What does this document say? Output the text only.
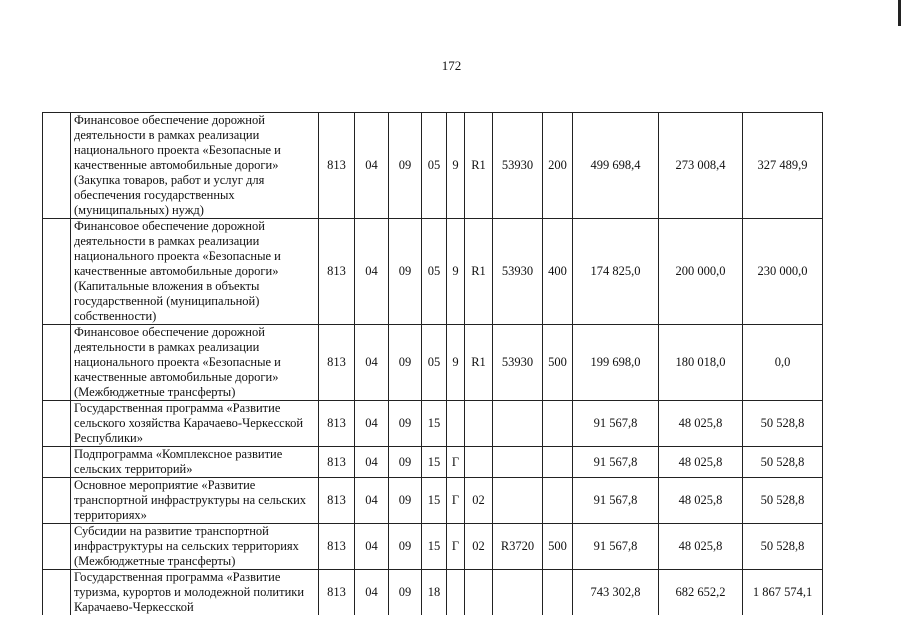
172
	Финансовое обеспечение дорожной деятельности в рамках реализации национального проекта «Безопасные и качественные автомобильные дороги» (Закупка товаров, работ и услуг для обеспечения государственных (муниципальных) нужд)	813	04	09	05	9	R1	53930	200	499 698,4	273 008,4	327 489,9
	Финансовое обеспечение дорожной деятельности в рамках реализации национального проекта «Безопасные и качественные автомобильные дороги» (Капитальные вложения в объекты государственной (муниципальной) собственности)	813	04	09	05	9	R1	53930	400	174 825,0	200 000,0	230 000,0
	Финансовое обеспечение дорожной деятельности в рамках реализации национального проекта «Безопасные и качественные автомобильные дороги» (Межбюджетные трансферты)	813	04	09	05	9	R1	53930	500	199 698,0	180 018,0	0,0
	Государственная программа «Развитие сельского хозяйства Карачаево-Черкесской Республики»	813	04	09	15					91 567,8	48 025,8	50 528,8
	Подпрограмма «Комплексное развитие сельских территорий»	813	04	09	15	Г				91 567,8	48 025,8	50 528,8
	Основное мероприятие «Развитие транспортной инфраструктуры на сельских территориях»	813	04	09	15	Г	02			91 567,8	48 025,8	50 528,8
	Субсидии на развитие транспортной инфраструктуры на сельских территориях (Межбюджетные трансферты)	813	04	09	15	Г	02	R3720	500	91 567,8	48 025,8	50 528,8
	Государственная программа «Развитие туризма, курортов и молодежной политики Карачаево-Черкесской	813	04	09	18					743 302,8	682 652,2	1 867 574,1
